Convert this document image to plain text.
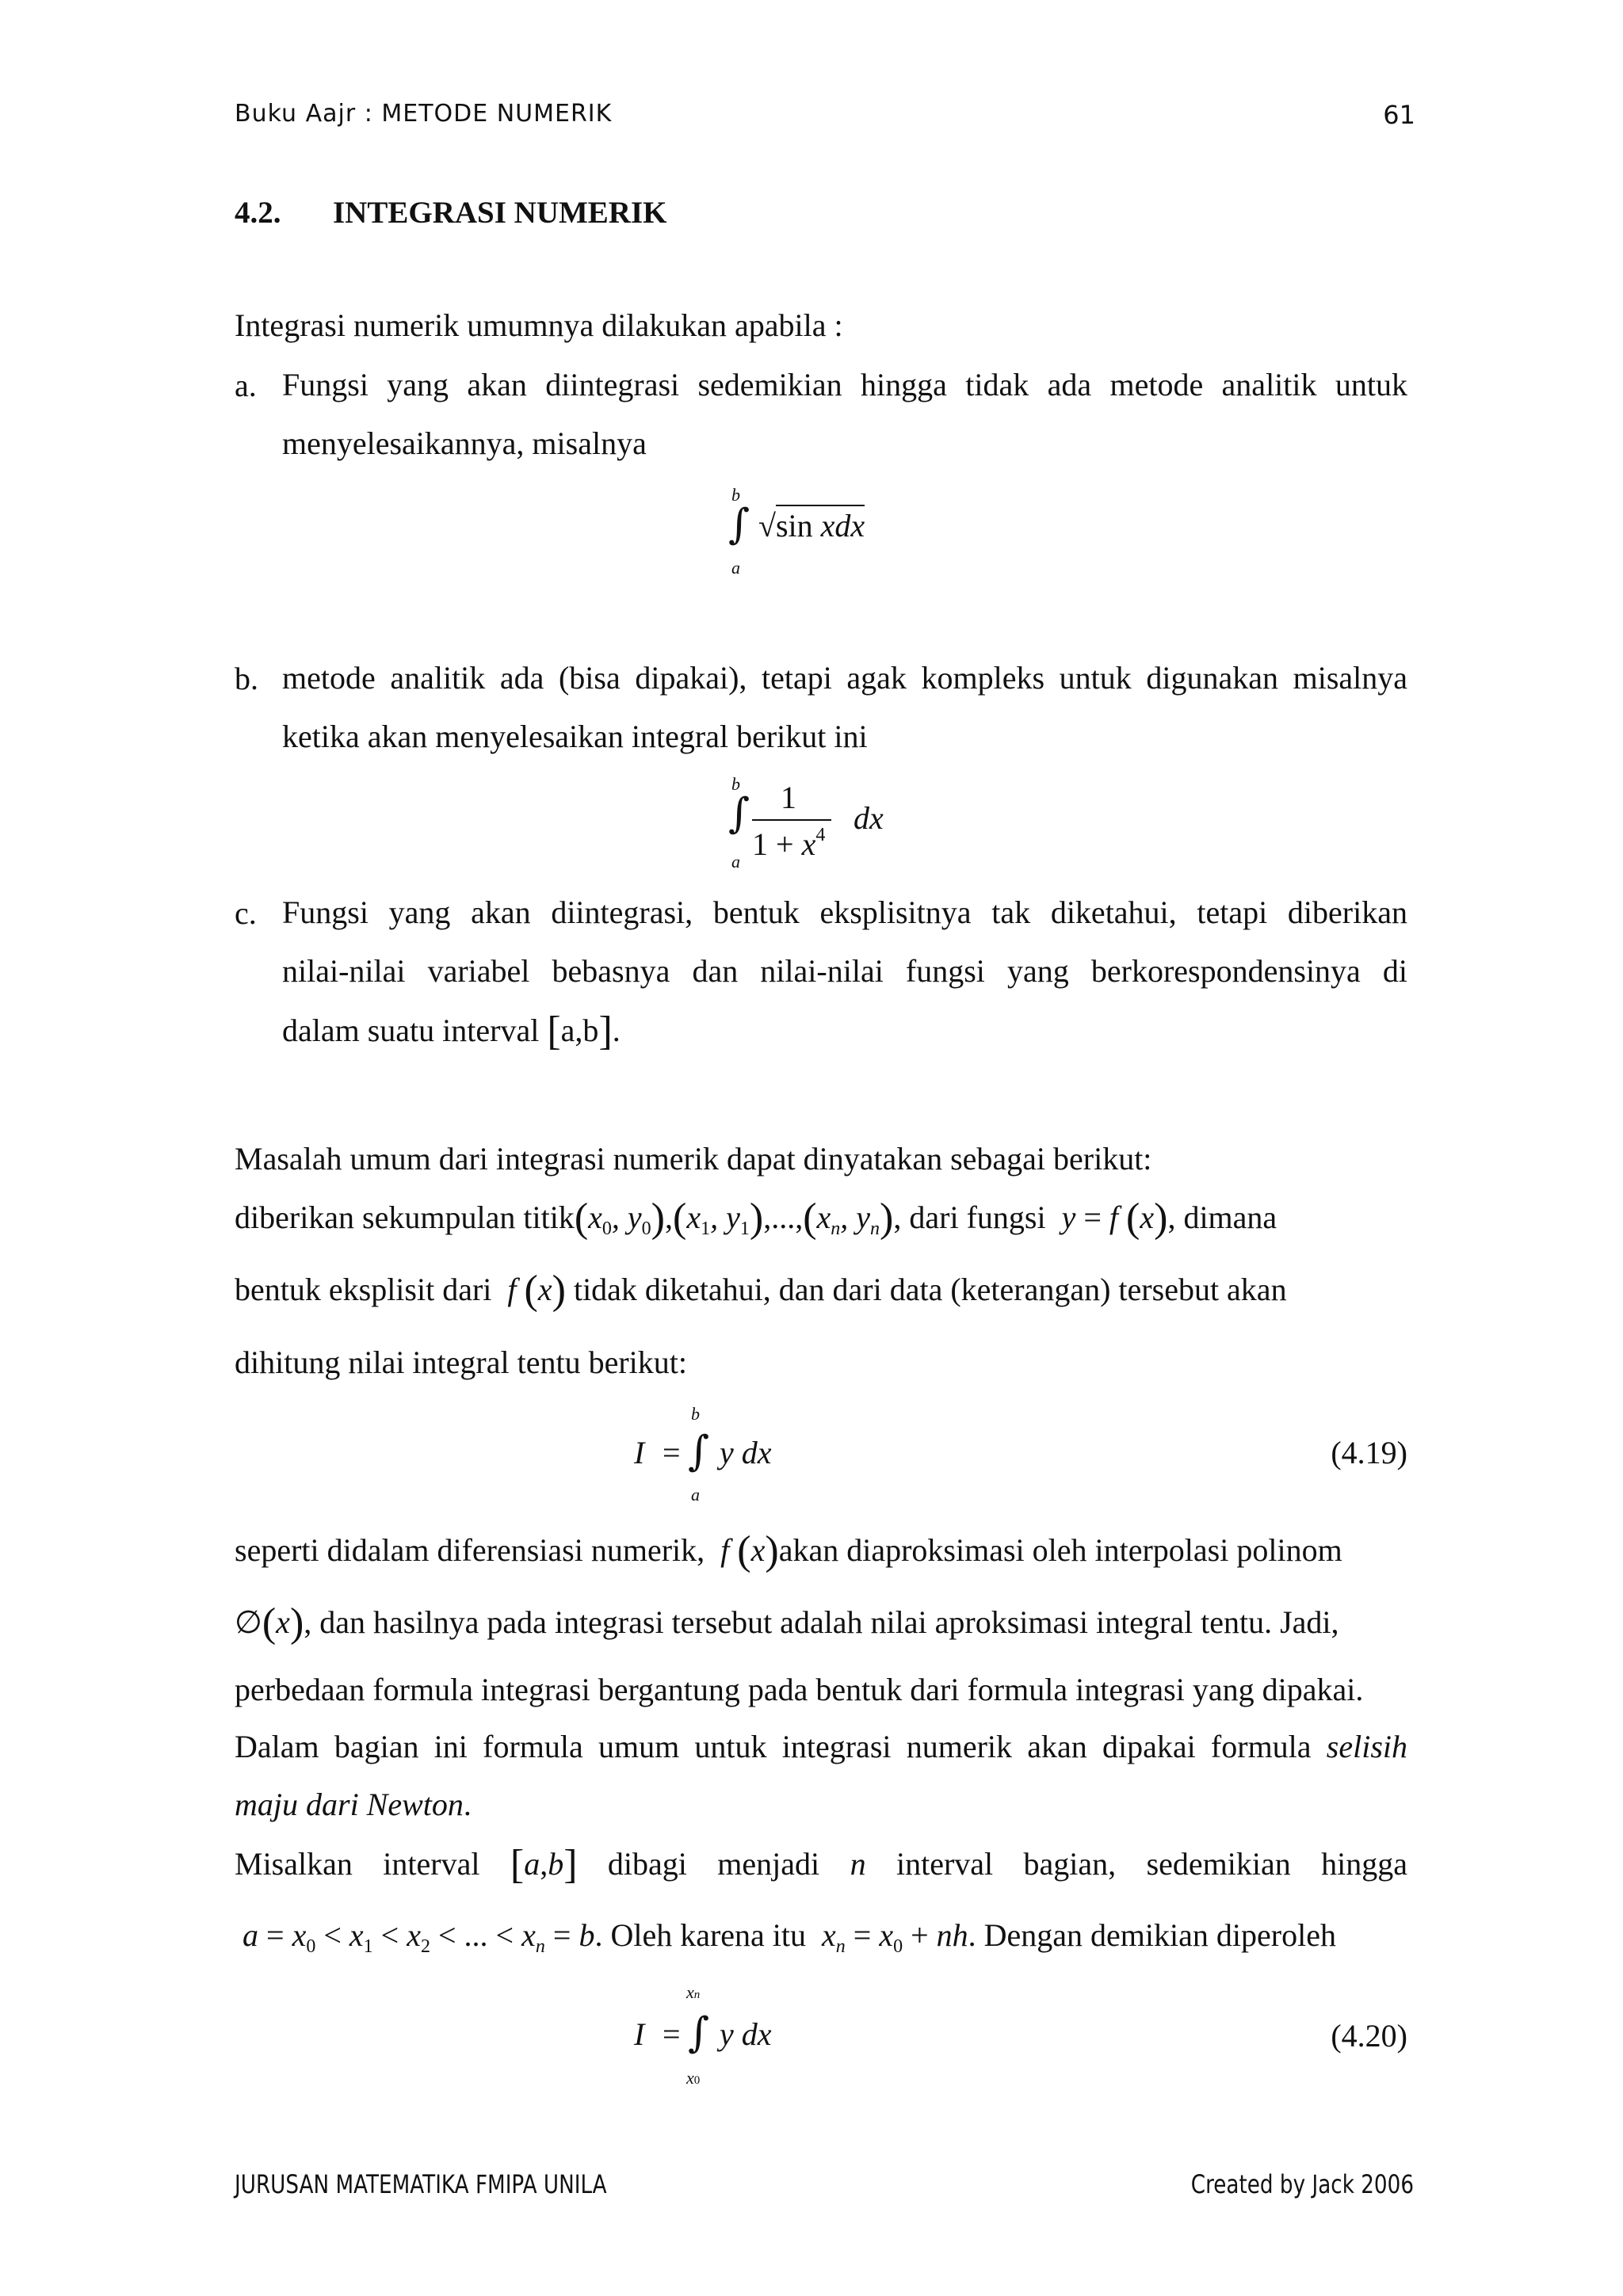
Buku Aajr : METODE NUMERIK	61
4.2. INTEGRASI NUMERIK
Integrasi numerik umumnya dilakukan apabila :
a. Fungsi yang akan diintegrasi sedemikian hingga tidak ada metode analitik untuk
menyelesaikannya, misalnya
b
∫
a
√sin xdx
b. metode analitik ada (bisa dipakai), tetapi agak kompleks untuk digunakan misalnya
ketika akan menyelesaikan integral berikut ini
b
∫
a
1
$1 + x^4$ dx
c. Fungsi yang akan diintegrasi, bentuk eksplisitnya tak diketahui, tetapi diberikan
nilai-nilai variabel bebasnya dan nilai-nilai fungsi yang berkorespondensinya di
dalam suatu interval [a,b].
Masalah umum dari integrasi numerik dapat dinyatakan sebagai berikut:
diberikan sekumpulan $titik(x_0$, $y_0),(x_1$, $y_1),...,(x_n$, $y_n$), dari fungsi y = f (x), dimana
bentuk eksplisit dari f (x) tidak diketahui, dan dari data (keterangan) tersebut akan
dihitung nilai integral tentu berikut:
I =
b
∫
a
y dx	(4.19)
seperti didalam diferensiasi numerik, f (x)akan diaproksimasi oleh interpolasi polinom
∅(x), dan hasilnya pada integrasi tersebut adalah nilai aproksimasi integral tentu. Jadi,
perbedaan formula integrasi bergantung pada bentuk dari formula integrasi yang dipakai.
Dalam bagian ini formula umum untuk integrasi numerik akan dipakai formula selisih
maju dari Newton.
Misalkan interval [a,b] dibagi menjadi n interval bagian, sedemikian hingga
$a = x_0 < x_1 < x_2$ < ... < $x_n = b$. Oleh karena itu $x_n = x_0$ + nh. Dengan demikian diperoleh
I =
xn
∫
x0
y dx	(4.20)
JURUSAN MATEMATIKA FMIPA UNILA	Created by Jack 2006
